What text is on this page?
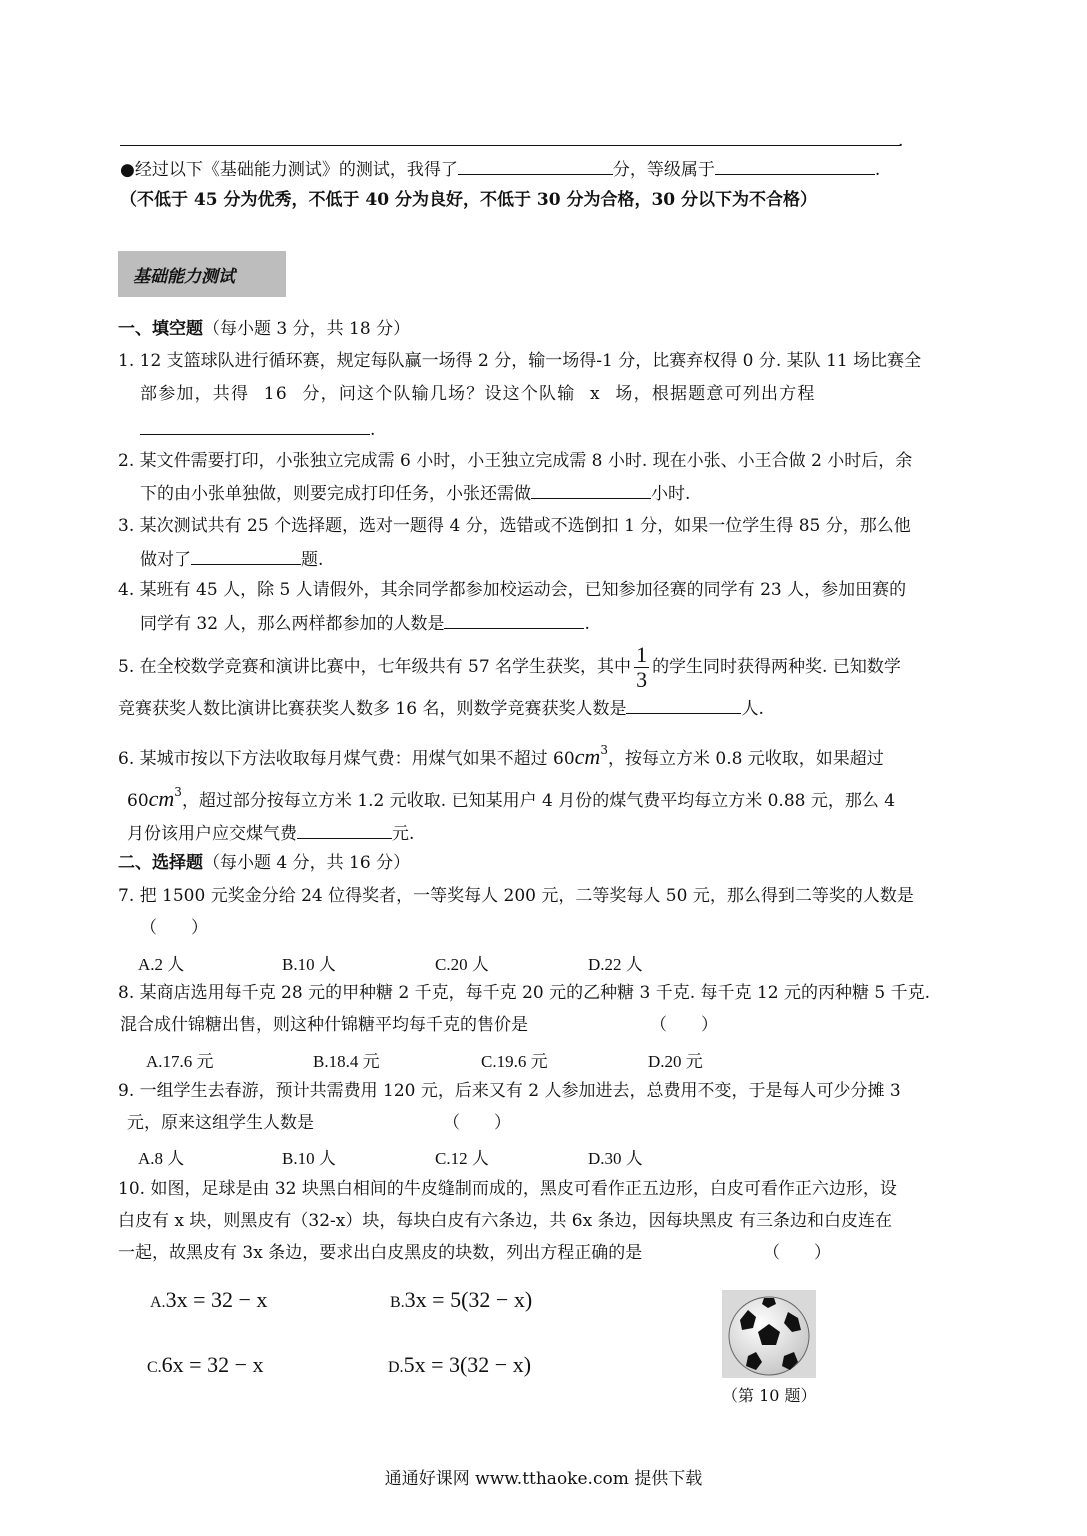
.
●经过以下《基础能力测试》的测试，我得了	分，等级属于	.
（不低于 45 分为优秀，不低于 40 分为良好，不低于 30 分为合格，30 分以下为不合格）
基础能力测试
一、填空题（每小题 3 分，共 18 分）
1. 12 支篮球队进行循环赛，规定每队赢一场得 2 分，输一场得-1 分，比赛弃权得 0 分. 某队 11 场比赛全
部参加，共得 16 分，问这个队输几场？设这个队输 x 场，根据题意可列出方程
.
2. 某文件需要打印，小张独立完成需 6 小时，小王独立完成需 8 小时. 现在小张、小王合做 2 小时后，余
下的由小张单独做，则要完成打印任务，小张还需做	小时.
3. 某次测试共有 25 个选择题，选对一题得 4 分，选错或不选倒扣 1 分，如果一位学生得 85 分，那么他
做对了	题.
4. 某班有 45 人，除 5 人请假外，其余同学都参加校运动会，已知参加径赛的同学有 23 人，参加田赛的
同学有 32 人，那么两样都参加的人数是	.
5. 在全校数学竞赛和演讲比赛中，七年级共有 57 名学生获奖，其中 $\frac{1}{3}$ 的学生同时获得两种奖. 已知数学
竞赛获奖人数比演讲比赛获奖人数多 16 名，则数学竞赛获奖人数是	人.
6. 某城市按以下方法收取每月煤气费：用煤气如果不超过 $60cm^3$，按每立方米 0.8 元收取，如果超过
$60cm^3$，超过部分按每立方米 1.2 元收取. 已知某用户 4 月份的煤气费平均每立方米 0.88 元，那么 4
月份该用户应交煤气费	元.
二、选择题（每小题 4 分，共 16 分）
7. 把 1500 元奖金分给 24 位得奖者，一等奖每人 200 元，二等奖每人 50 元，那么得到二等奖的人数是
（　　）
A.2 人	B.10 人	C.20 人	D.22 人
8. 某商店选用每千克 28 元的甲种糖 2 千克，每千克 20 元的乙种糖 3 千克. 每千克 12 元的丙种糖 5 千克.
混合成什锦糖出售，则这种什锦糖平均每千克的售价是	（　　）
A.17.6 元	B.18.4 元	C.19.6 元	D.20 元
9. 一组学生去春游，预计共需费用 120 元，后来又有 2 人参加进去，总费用不变，于是每人可少分摊 3
元，原来这组学生人数是	（　　）
A.8 人	B.10 人	C.12 人	D.30 人
10. 如图，足球是由 32 块黑白相间的牛皮缝制而成的，黑皮可看作正五边形，白皮可看作正六边形，设
白皮有 x 块，则黑皮有（32-x）块，每块白皮有六条边，共 6x 条边，因每块黑皮 有三条边和白皮连在
一起，故黑皮有 3x 条边，要求出白皮黑皮的块数，列出方程正确的是	（　　）
A.3x = 32 − x	B.3x = 5(32 − x)
C.6x = 32 − x	D.5x = 3(32 − x)
（第 10 题）
通通好课网 www.tthaoke.com 提供下载
